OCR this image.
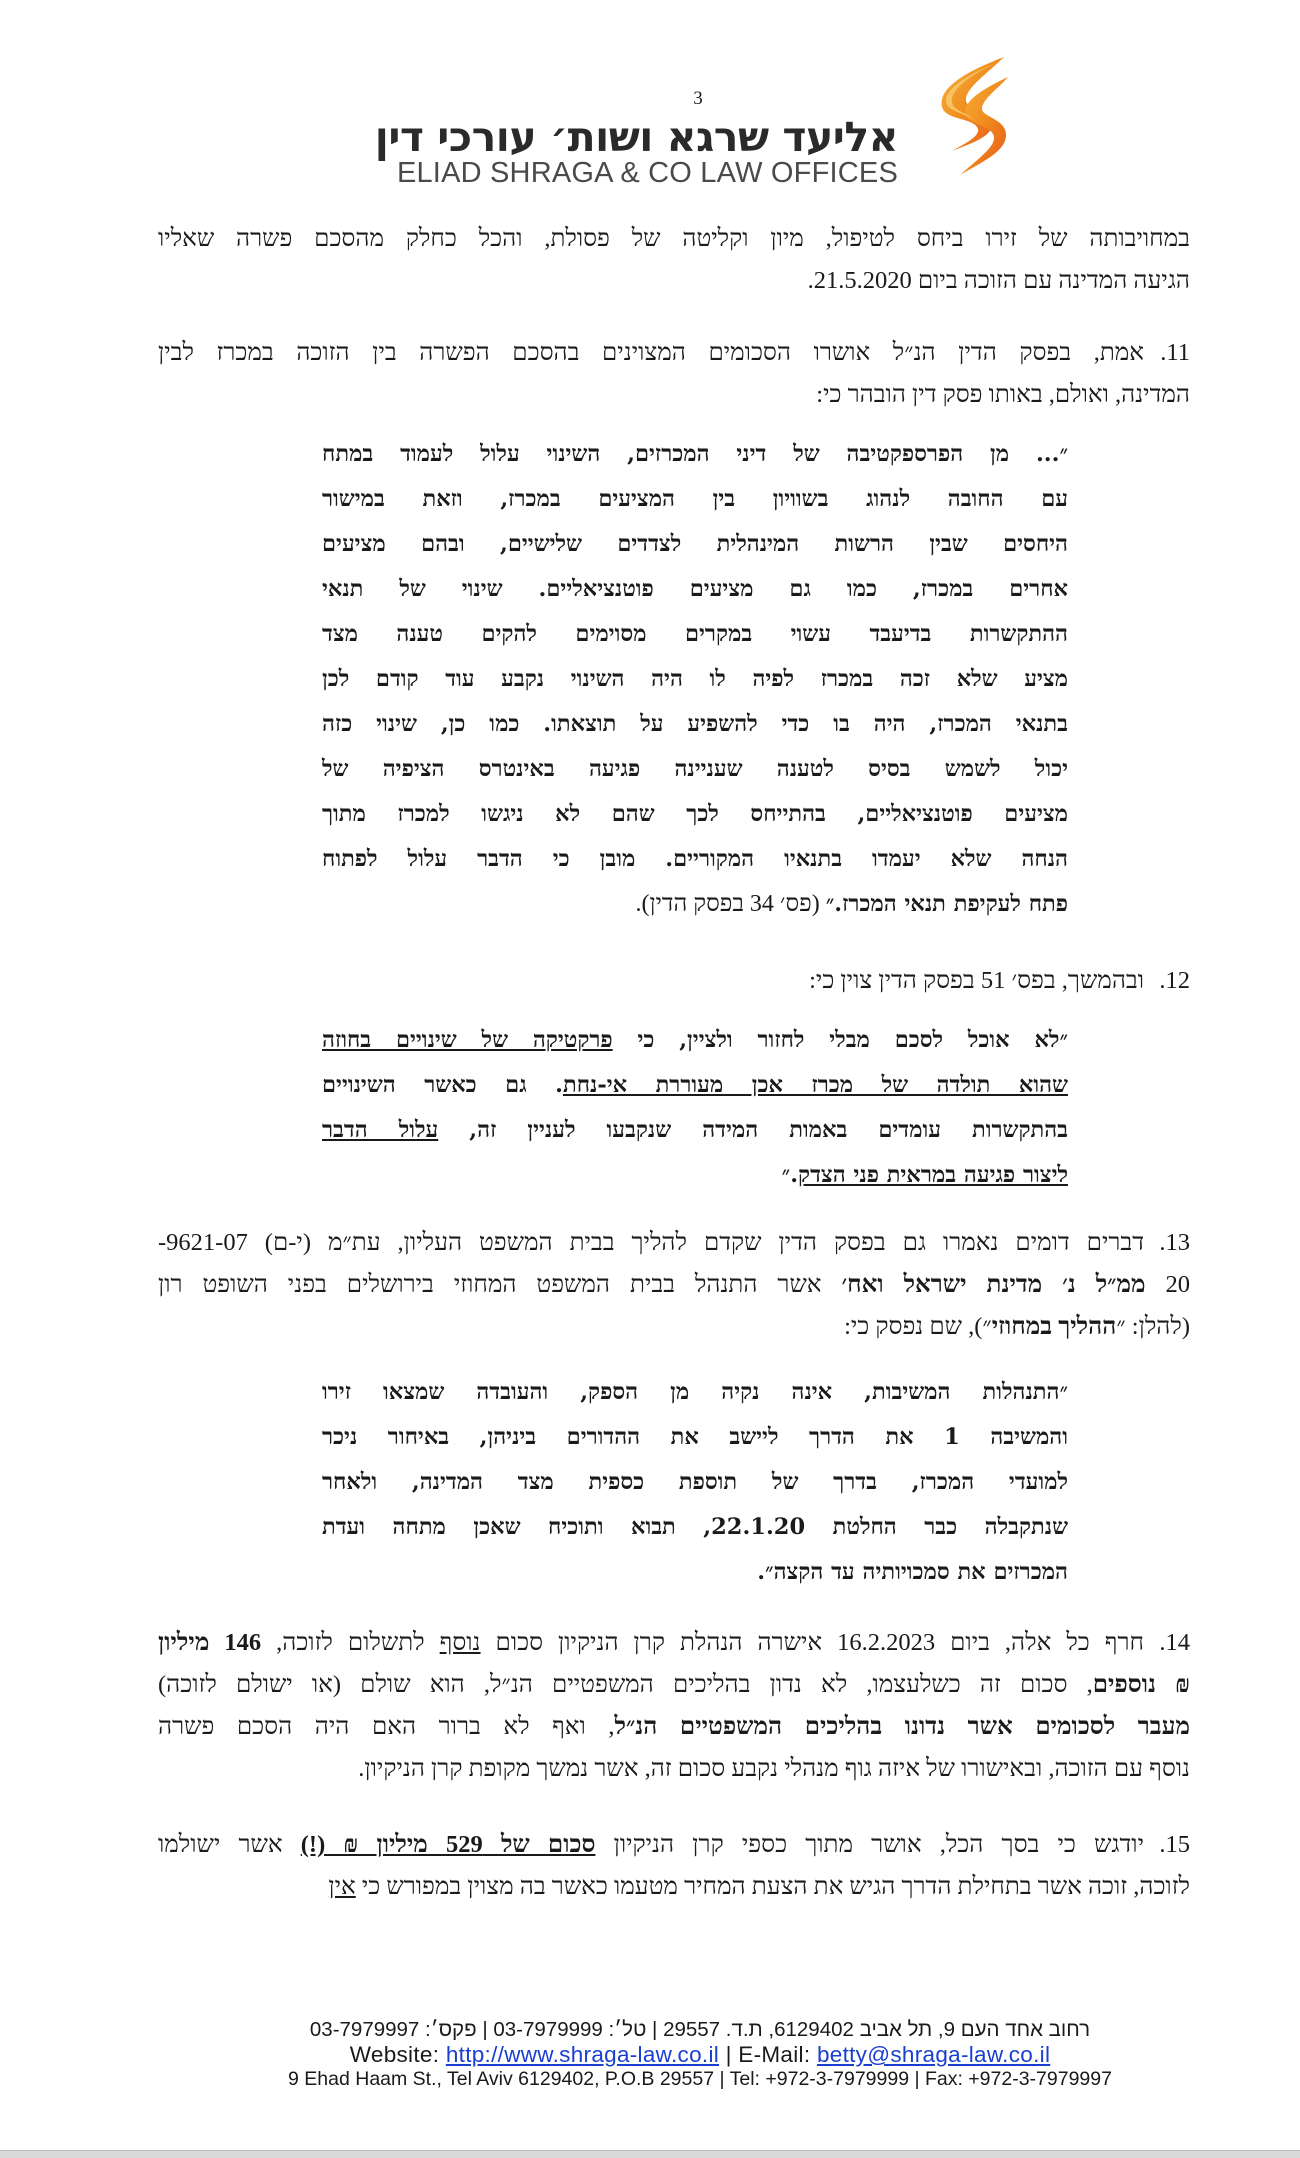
3
אליעד שרגא ושות׳ עורכי דין
ELIAD SHRAGA & CO LAW OFFICES
במחויבותה של זירו ביחס לטיפול, מיון וקליטה של פסולת, והכל כחלק מהסכם פשרה שאליו
הגיעה המדינה עם הזוכה ביום 21.5.2020.
11.
אמת, בפסק הדין הנ״ל אושרו הסכומים המצוינים בהסכם הפשרה בין הזוכה במכרז לבין
המדינה, ואולם, באותו פסק דין הובהר כי:
״... מן הפרספקטיבה של דיני המכרזים, השינוי עלול לעמוד במתח
עם החובה לנהוג בשוויון בין המציעים במכרז, וזאת במישור
היחסים שבין הרשות המינהלית לצדדים שלישיים, ובהם מציעים
אחרים במכרז, כמו גם מציעים פוטנציאליים. שינוי של תנאי
ההתקשרות בדיעבד עשוי במקרים מסוימים להקים טענה מצד
מציע שלא זכה במכרז לפיה לו היה השינוי נקבע עוד קודם לכן
בתנאי המכרז, היה בו כדי להשפיע על תוצאתו. כמו כן, שינוי כזה
יכול לשמש בסיס לטענה שעניינה פגיעה באינטרס הציפיה של
מציעים פוטנציאליים, בהתייחס לכך שהם לא ניגשו למכרז מתוך
הנחה שלא יעמדו בתנאיו המקוריים. מובן כי הדבר עלול לפתוח
פתח לעקיפת תנאי המכרז.״ (פס׳ 34 בפסק הדין).
12.
ובהמשך, בפס׳ 51 בפסק הדין צוין כי:
״לא אוכל לסכם מבלי לחזור ולציין, כי פרקטיקה של שינויים בחוזה
שהוא תולדה של מכרז אכן מעוררת אי-נחת. גם כאשר השינויים
בהתקשרות עומדים באמות המידה שנקבעו לעניין זה, עלול הדבר
ליצור פגיעה במראית פני הצדק.״
13.
דברים דומים נאמרו גם בפסק הדין שקדם להליך בבית המשפט העליון, עת״מ (י-ם) 9621-07-
20 ממ״ל נ׳ מדינת ישראל ואח׳ אשר התנהל בבית המשפט המחוזי בירושלים בפני השופט רון
(להלן: ״ההליך במחוזי״), שם נפסק כי:
״התנהלות המשיבות, אינה נקיה מן הספק, והעובדה שמצאו זירו
והמשיבה 1 את הדרך ליישב את ההדורים ביניהן, באיחור ניכר
למועדי המכרז, בדרך של תוספת כספית מצד המדינה, ולאחר
שנתקבלה כבר החלטת 22.1.20, תבוא ותוכיח שאכן מתחה ועדת
המכרזים את סמכויותיה עד הקצה״.
14.
חרף כל אלה, ביום 16.2.2023 אישרה הנהלת קרן הניקיון סכום נוסף לתשלום לזוכה, 146 מיליון
₪ נוספים, סכום זה כשלעצמו, לא נדון בהליכים המשפטיים הנ״ל, הוא שולם (או ישולם לזוכה)
מעבר לסכומים אשר נדונו בהליכים המשפטיים הנ״ל, ואף לא ברור האם היה הסכם פשרה
נוסף עם הזוכה, ובאישורו של איזה גוף מנהלי נקבע סכום זה, אשר נמשך מקופת קרן הניקיון.
15.
יודגש כי בסך הכל, אושר מתוך כספי קרן הניקיון סכום של 529 מיליון ₪ (!) אשר ישולמו
לזוכה, זוכה אשר בתחילת הדרך הגיש את הצעת המחיר מטעמו כאשר בה מצוין במפורש כי אין
רחוב אחד העם 9, תל אביב 6129402, ת.ד. 29557 | טל׳: 03-7979999 | פקס׳: 03-7979997
Website: http://www.shraga-law.co.il | E-Mail: betty@shraga-law.co.il
9 Ehad Haam St., Tel Aviv 6129402, P.O.B 29557 | Tel: +972-3-7979999 | Fax: +972-3-7979997
